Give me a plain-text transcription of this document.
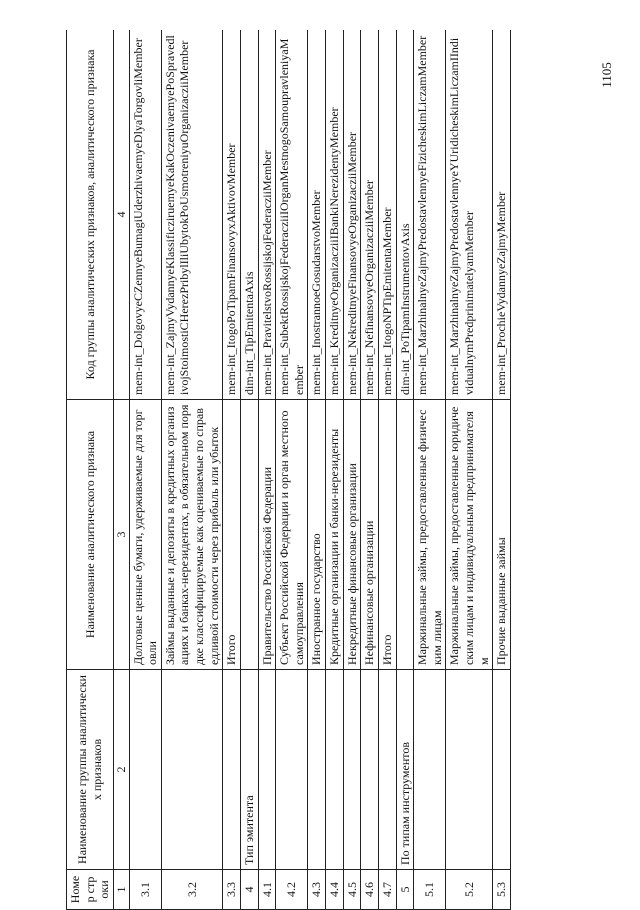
1105
Номер строки	Наименование группы аналитических признаков	Наименование аналитического признака	Код группы аналитических признаков, аналитического признака
1	2	3	4
3.1		Долговые ценные бумаги, удерживаемые для торговли	mem-int_DolgovyeCZennyeBumagiUderzhivaemyeDlyaTorgovliMember
3.2		Займы выданные и депозиты в кредитных организациях и банках-нерезидентах, в обязательном порядке классифицируемые как оцениваемые по справедливой стоимости через прибыль или убыток	mem-int_ZajmyVydannyeKlassificziruemyeKakOczenivaemyePoSpravedlivojStoimostiCHerezPribylIliUbytokPoUsmotreniyuOrganizacziiMember
3.3		Итого	mem-int_ItogoPoTipamFinansovyxAktivovMember
4	Тип эмитента		dim-int_TipEmitentaAxis
4.1		Правительство Российской Федерации	mem-int_PravitelstvoRossijskojFederacziiMember
4.2		Субъект Российской Федерации и орган местного самоуправления	mem-int_SubektRossijskojFederacziiIOrganMestnogoSamoupravleniyaMember
4.3		Иностранное государство	mem-int_InostrannoeGosudarstvoMember
4.4		Кредитные организации и банки-нерезиденты	mem-int_KreditnyeOrganizacziiIBankiNerezidentyMember
4.5		Некредитные финансовые организации	mem-int_NekreditnyeFinansovyeOrganizacziiMember
4.6		Нефинансовые организации	mem-int_NefinansovyeOrganizacziiMember
4.7		Итого	mem-int_ItogoNPTipEmitentaMember
5	По типам инструментов		dim-int_PoTipamInstrumentovAxis
5.1		Маржинальные займы, предоставленные физическим лицам	mem-int_MarzhinalnyeZajmyPredostavlennyeFizicheskimLiczamMember
5.2		Маржинальные займы, предоставленные юридическим лицам и индивидуальным предпринимателям	mem-int_MarzhinalnyeZajmyPredostavlennyeYUridicheskimLiczamIIndividualnymPredprinimatelyamMember
5.3		Прочие выданные займы	mem-int_ProchieVydannyeZajmyMember
